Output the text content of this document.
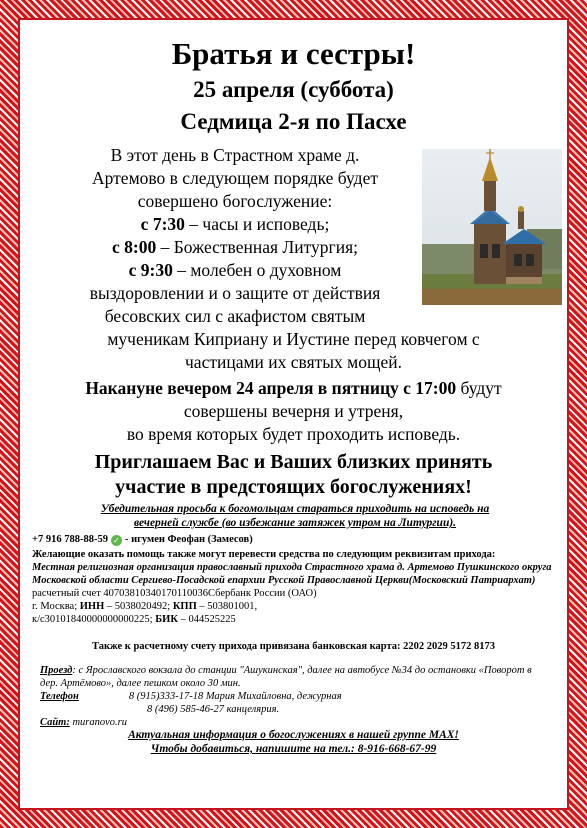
Братья и сестры!
25 апреля (суббота)
Седмица 2-я по Пасхе

В этот день в Страстном храме д.

Артемово в следующем порядке будет

совершено богослужение:

с 7:30 – часы и исповедь;

с 8:00 – Божественная Литургия;

с 9:30 – молебен о духовном

выздоровлении и о защите от действия

бесовских сил с акафистом святым

мученикам Киприану и Иустине перед ковчегом с

частицами их святых мощей.

Накануне вечером 24 апреля в пятницу с 17:00 будут

совершены вечерня и утреня,

во время которых будет проходить исповедь.

Приглашаем Вас и Ваших близких принять

участие в предстоящих богослужениях!

Убедительная просьба к богомольцам стараться приходить на исповедь на

вечерней службе (во избежание затяжек утром на Литургии).

+7 916 788-88-59 ✓ - игумен Феофан (Замесов)

Желающие оказать помощь также могут перевести средства по следующим реквизитам прихода:

Местная религиозная организация православный прихода Страстного храма д. Артемово Пушкинского округа Московской области Сергиево-Посадской епархии Русской Православной Церкви(Московский Патриархат)

расчетный счет 40703810340170110036Сбербанк России (ОАО)

г. Москва; ИНН – 5038020492; КПП – 503801001,

к/с30101840000000000225; БИК – 044525225

Также к расчетному счету прихода привязана банковская карта: 2202 2029 5172 8173

Проезд: с Ярославского вокзала до станции "Ашукинская", далее на автобусе №34 до остановки «Поворот в дер. Артёмово», далее пешком около 30 мин.

Телефон	8 (915)333-17-18 Мария Михайловна, дежурная

8 (496) 585-46-27 канцелярия.

Сайт: muranovo.ru

Актуальная информация о богослужениях в нашей группе MAX!

Чтобы добавиться, напишите на тел.: 8-916-668-67-99
